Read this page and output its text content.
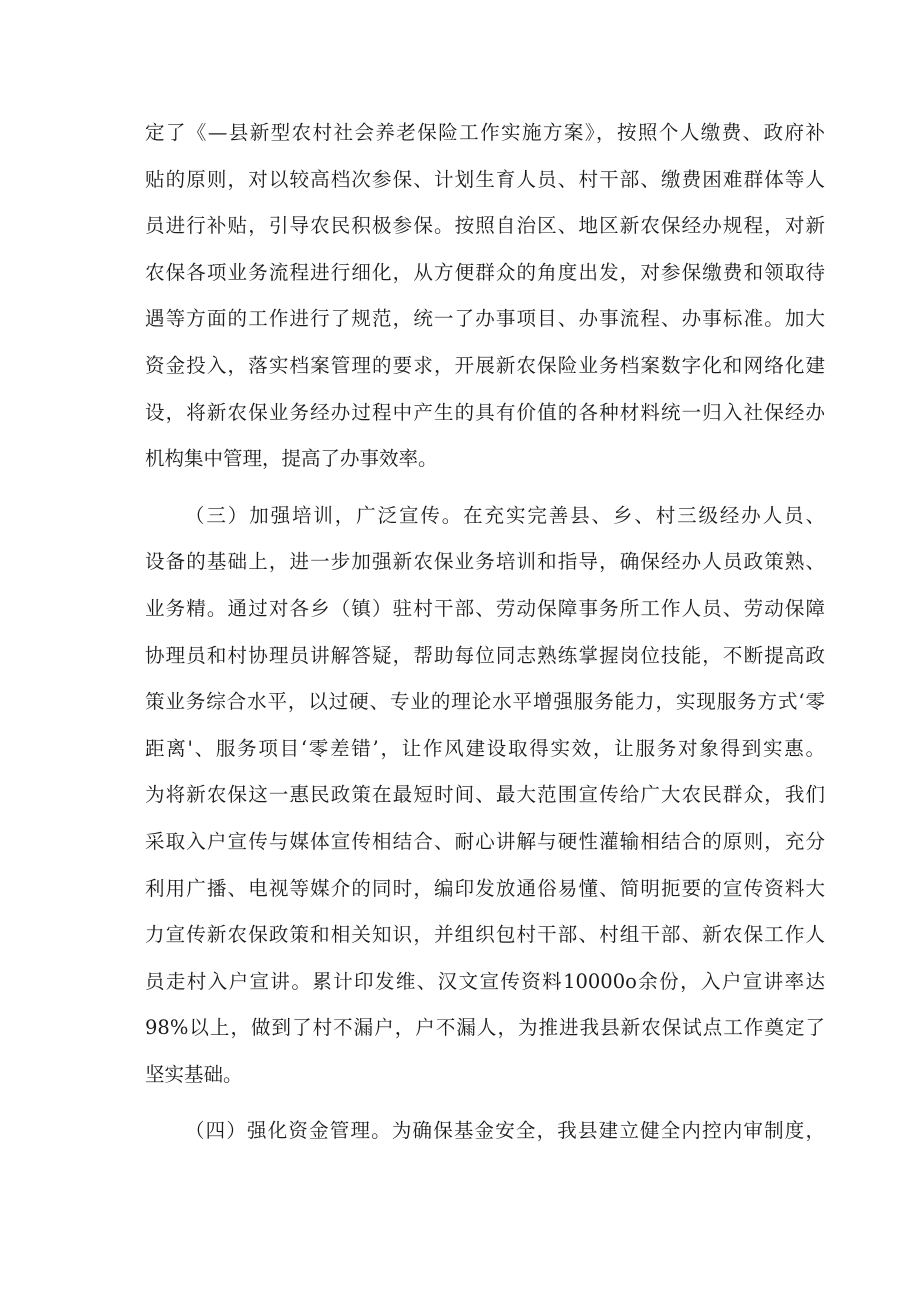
定了《—县新型农村社会养老保险工作实施方案》，按照个人缴费、政府补
贴的原则，对以较高档次参保、计划生育人员、村干部、缴费困难群体等人
员进行补贴，引导农民积极参保。按照自治区、地区新农保经办规程，对新
农保各项业务流程进行细化，从方便群众的角度出发，对参保缴费和领取待
遇等方面的工作进行了规范，统一了办事项目、办事流程、办事标准。加大
资金投入，落实档案管理的要求，开展新农保险业务档案数字化和网络化建
设，将新农保业务经办过程中产生的具有价值的各种材料统一归入社保经办
机构集中管理，提高了办事效率。
（三）加强培训，广泛宣传。在充实完善县、乡、村三级经办人员、
设备的基础上，进一步加强新农保业务培训和指导，确保经办人员政策熟、
业务精。通过对各乡（镇）驻村干部、劳动保障事务所工作人员、劳动保障
协理员和村协理员讲解答疑，帮助每位同志熟练掌握岗位技能，不断提高政
策业务综合水平，以过硬、专业的理论水平增强服务能力，实现服务方式‘零
距离'、服务项目‘零差错’，让作风建设取得实效，让服务对象得到实惠。
为将新农保这一惠民政策在最短时间、最大范围宣传给广大农民群众，我们
采取入户宣传与媒体宣传相结合、耐心讲解与硬性灌输相结合的原则，充分
利用广播、电视等媒介的同时，编印发放通俗易懂、简明扼要的宣传资料大
力宣传新农保政策和相关知识，并组织包村干部、村组干部、新农保工作人
员走村入户宣讲。累计印发维、汉文宣传资料10000o余份，入户宣讲率达
98%以上，做到了村不漏户，户不漏人，为推进我县新农保试点工作奠定了
坚实基础。
（四）强化资金管理。为确保基金安全，我县建立健全内控内审制度，
